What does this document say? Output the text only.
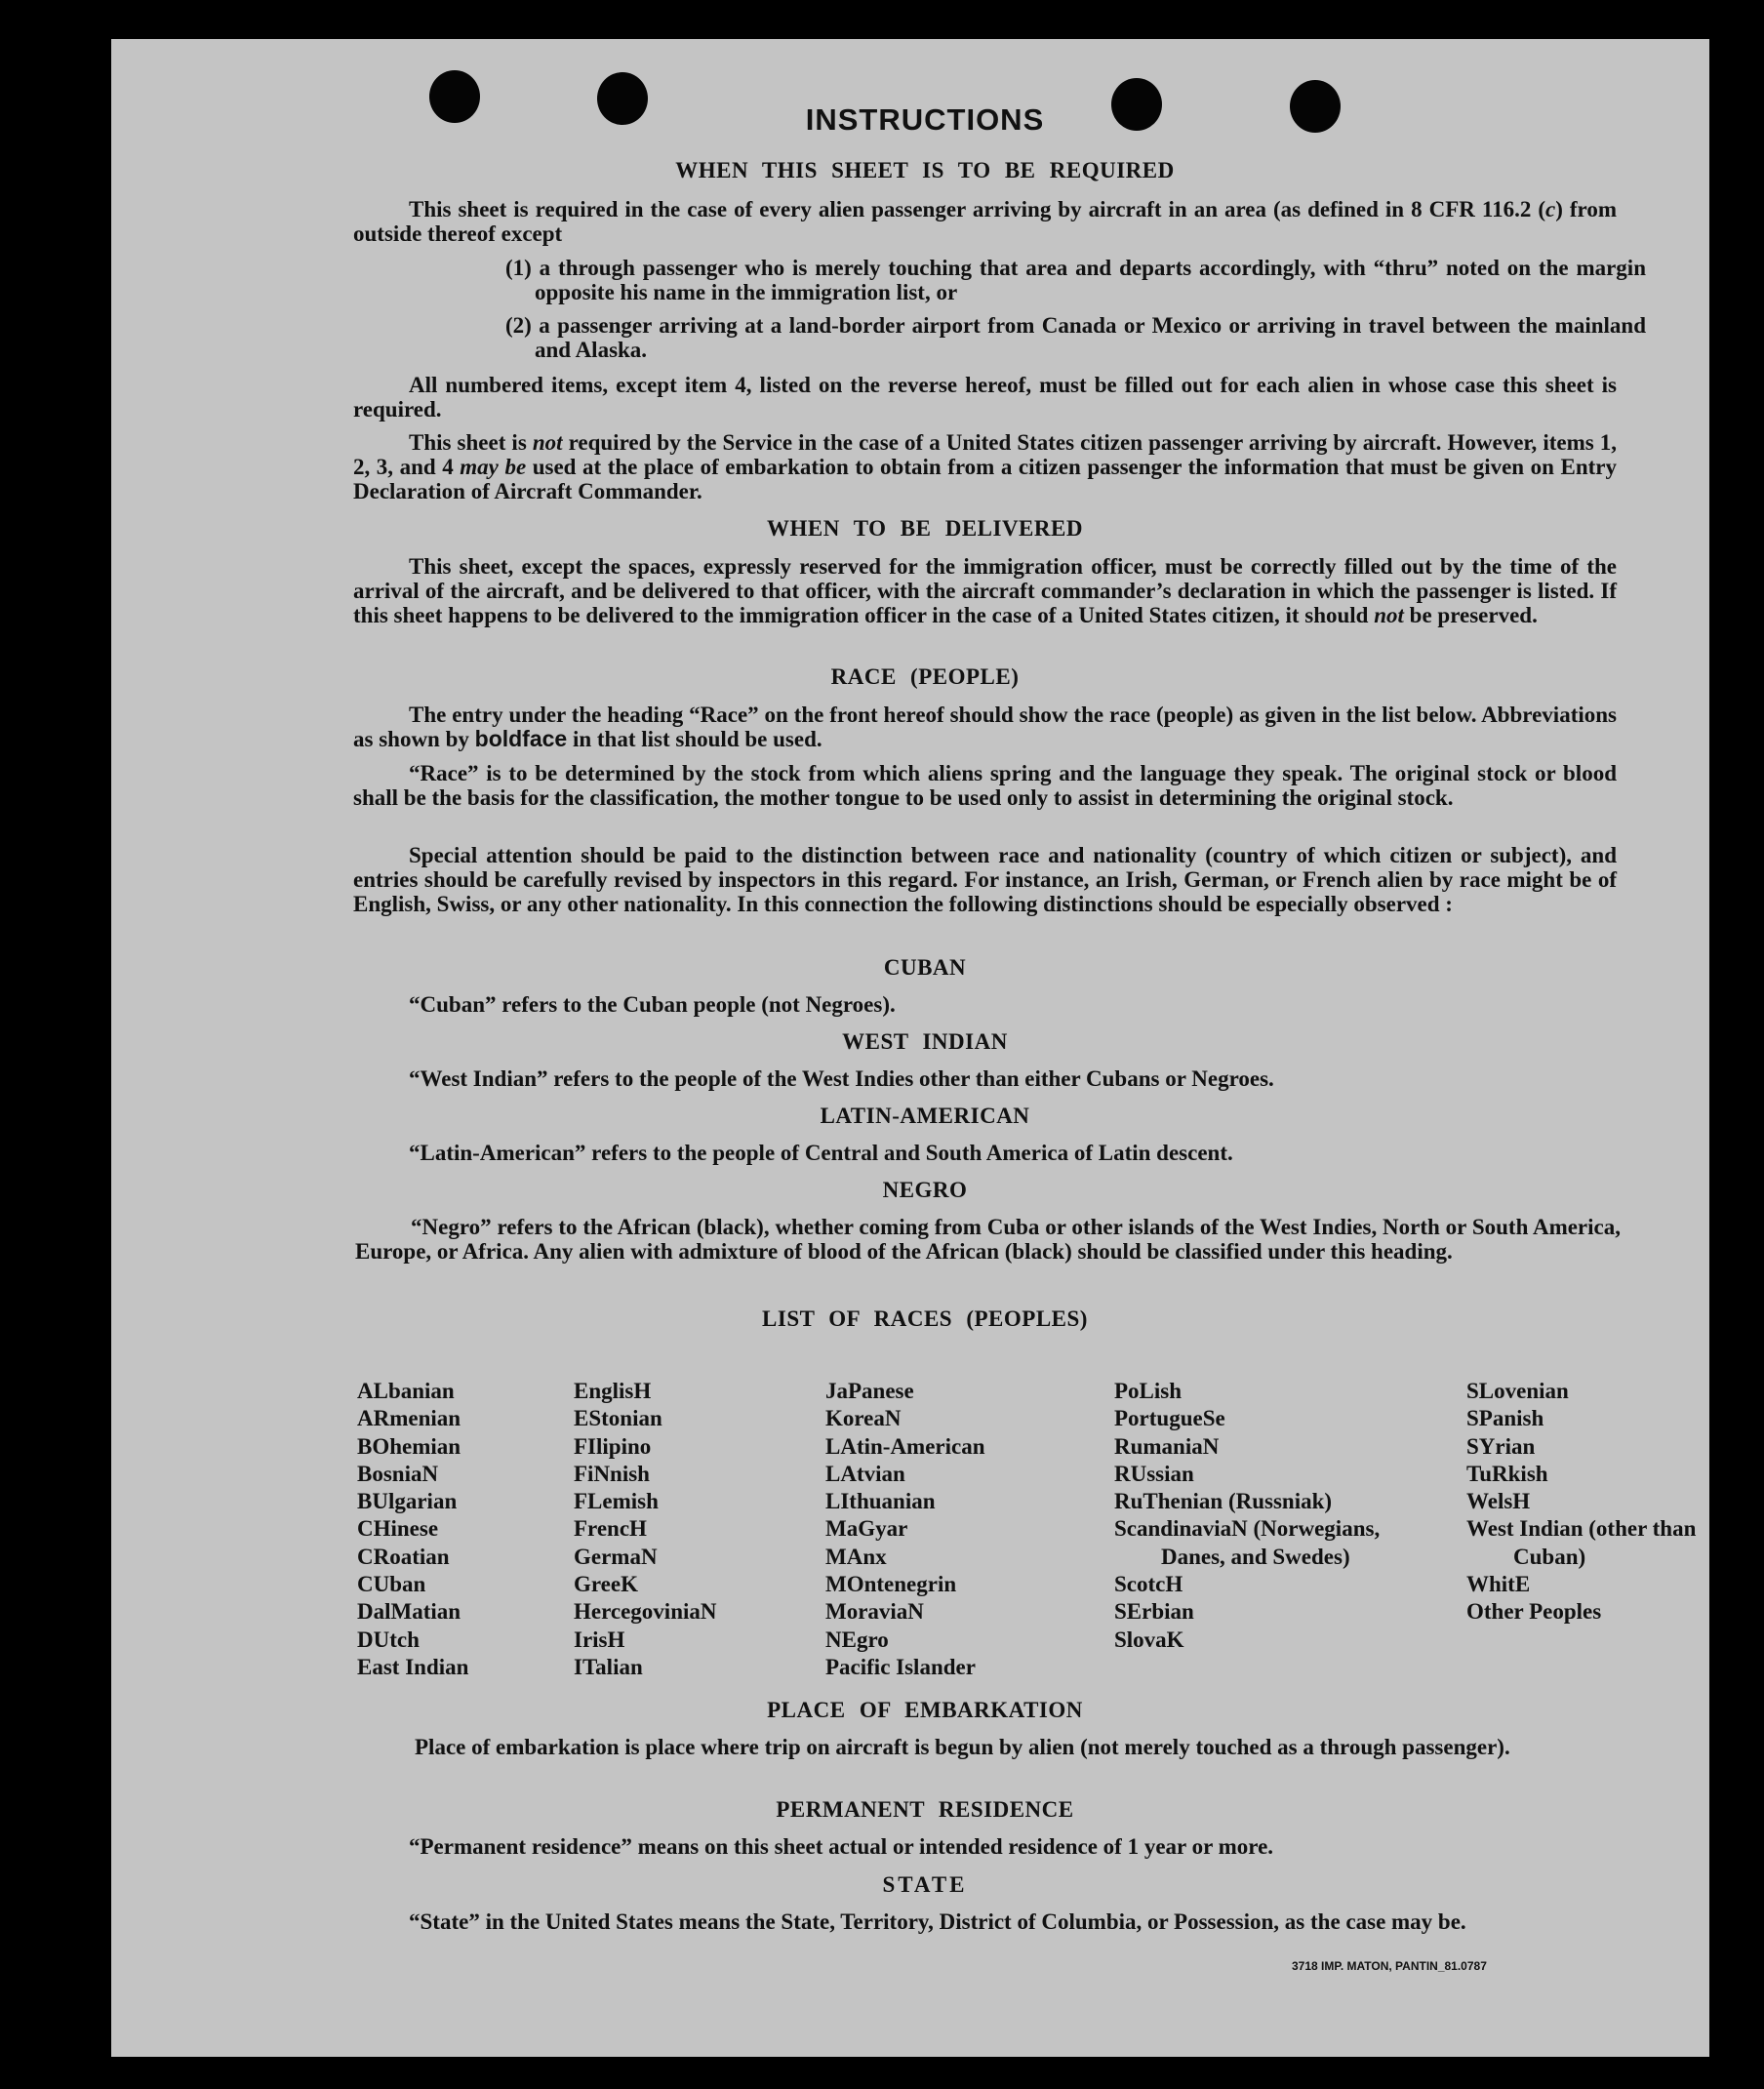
INSTRUCTIONS
WHEN THIS SHEET IS TO BE REQUIRED
This sheet is required in the case of every alien passenger arriving by aircraft in an area (as defined in 8 CFR 116.2 (c) from outside thereof except
(1) a through passenger who is merely touching that area and departs accordingly, with “thru” noted on the margin opposite his name in the immigration list, or
(2) a passenger arriving at a land-border airport from Canada or Mexico or arriving in travel between the mainland and Alaska.
All numbered items, except item 4, listed on the reverse hereof, must be filled out for each alien in whose case this sheet is required.
This sheet is not required by the Service in the case of a United States citizen passenger arriving by aircraft. However, items 1, 2, 3, and 4 may be used at the place of embarkation to obtain from a citizen passenger the information that must be given on Entry Declaration of Aircraft Commander.
WHEN TO BE DELIVERED
This sheet, except the spaces, expressly reserved for the immigration officer, must be correctly filled out by the time of the arrival of the aircraft, and be delivered to that officer, with the aircraft commander’s declaration in which the passenger is listed. If this sheet happens to be delivered to the immigration officer in the case of a United States citizen, it should not be preserved.
RACE (PEOPLE)
The entry under the heading “Race” on the front hereof should show the race (people) as given in the list below. Abbreviations as shown by boldface in that list should be used.
“Race” is to be determined by the stock from which aliens spring and the language they speak. The original stock or blood shall be the basis for the classification, the mother tongue to be used only to assist in determining the original stock.
Special attention should be paid to the distinction between race and nationality (country of which citizen or subject), and entries should be carefully revised by inspectors in this regard. For instance, an Irish, German, or French alien by race might be of English, Swiss, or any other nationality. In this connection the following distinctions should be especially observed :
CUBAN
“Cuban” refers to the Cuban people (not Negroes).
WEST INDIAN
“West Indian” refers to the people of the West Indies other than either Cubans or Negroes.
LATIN-AMERICAN
“Latin-American” refers to the people of Central and South America of Latin descent.
NEGRO
“Negro” refers to the African (black), whether coming from Cuba or other islands of the West Indies, North or South America, Europe, or Africa. Any alien with admixture of blood of the African (black) should be classified under this heading.
LIST OF RACES (PEOPLES)
ALbanian
ARmenian
BOhemian
BosniaN
BUlgarian
CHinese
CRoatian
CUban
DalMatian
DUtch
East Indian
EnglisH
EStonian
FIlipino
FiNnish
FLemish
FrencH
GermaN
GreeK
HercegoviniaN
IrisH
ITalian
JaPanese
KoreaN
LAtin-American
LAtvian
LIthuanian
MaGyar
MAnx
MOntenegrin
MoraviaN
NEgro
Pacific Islander
PoLish
PortugueSe
RumaniaN
RUssian
RuThenian (Russniak)
ScandinaviaN (Norwegians, Danes, and Swedes)
ScotcH
SErbian
SlovaK
SLovenian
SPanish
SYrian
TuRkish
WelsH
West Indian (other than Cuban)
WhitE
Other Peoples
PLACE OF EMBARKATION
Place of embarkation is place where trip on aircraft is begun by alien (not merely touched as a through passenger).
PERMANENT RESIDENCE
“Permanent residence” means on this sheet actual or intended residence of 1 year or more.
STATE
“State” in the United States means the State, Territory, District of Columbia, or Possession, as the case may be.
3718 IMP. MATON, PANTIN_81.0787
